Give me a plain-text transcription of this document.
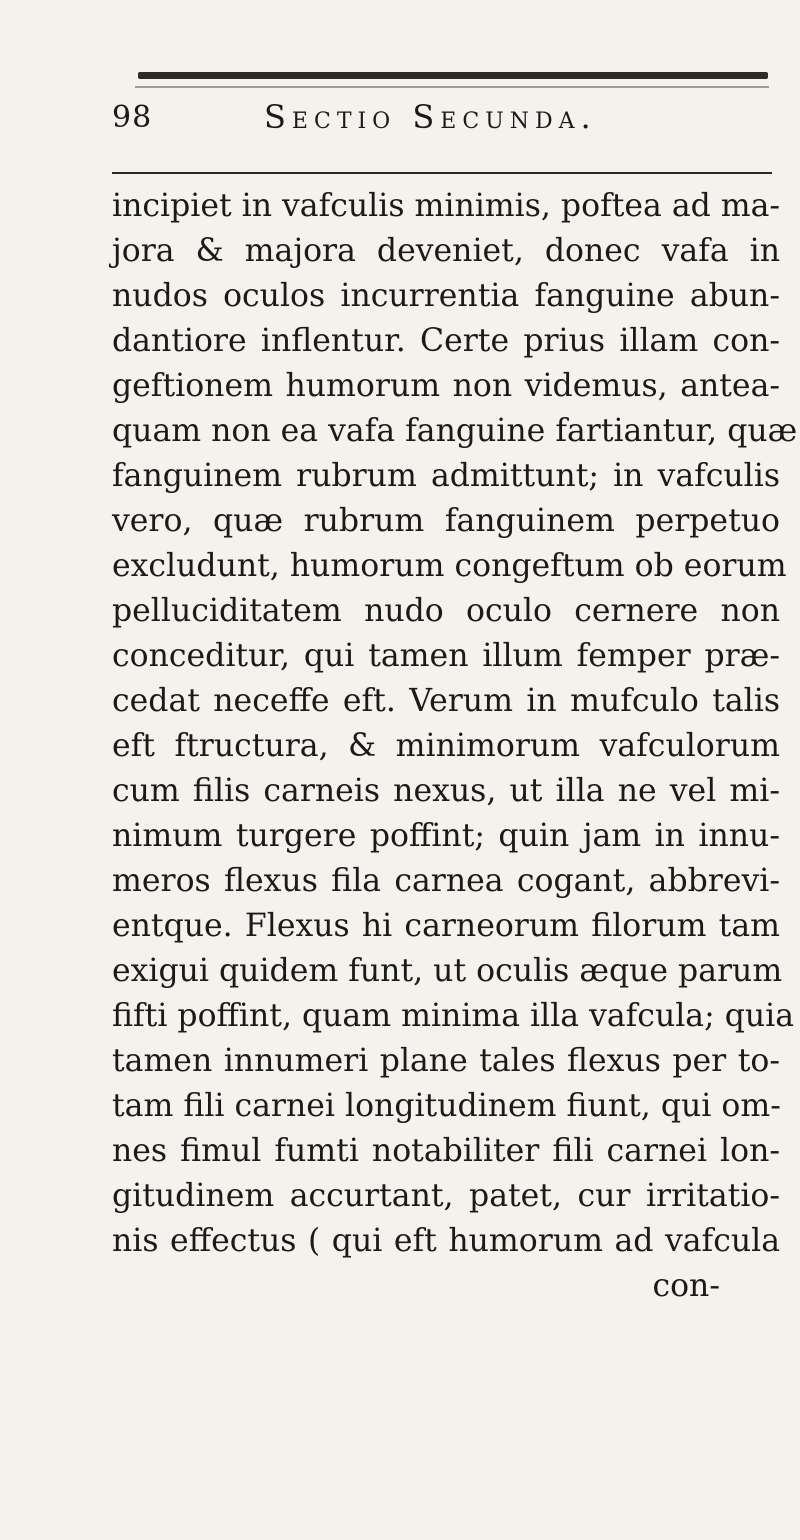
98	Sectio Secunda.
incipiet in vafculis minimis, poftea ad ma-
jora & majora deveniet, donec vafa in
nudos oculos incurrentia fanguine abun-
dantiore inflentur. Certe prius illam con-
geftionem humorum non videmus, antea-
quam non ea vafa fanguine fartiantur, quæ
fanguinem rubrum admittunt; in vafculis
vero, quæ rubrum fanguinem perpetuo
excludunt, humorum congeftum ob eorum
pelluciditatem nudo oculo cernere non
conceditur, qui tamen illum femper præ-
cedat neceffe eft. Verum in mufculo talis
eft ftructura, & minimorum vafculorum
cum filis carneis nexus, ut illa ne vel mi-
nimum turgere poffint; quin jam in innu-
meros flexus fila carnea cogant, abbrevi-
entque. Flexus hi carneorum filorum tam
exigui quidem funt, ut oculis æque parum
fifti poffint, quam minima illa vafcula; quia
tamen innumeri plane tales flexus per to-
tam fili carnei longitudinem fiunt, qui om-
nes fimul fumti notabiliter fili carnei lon-
gitudinem accurtant, patet, cur irritatio-
nis effectus ( qui eft humorum ad vafcula
con-
